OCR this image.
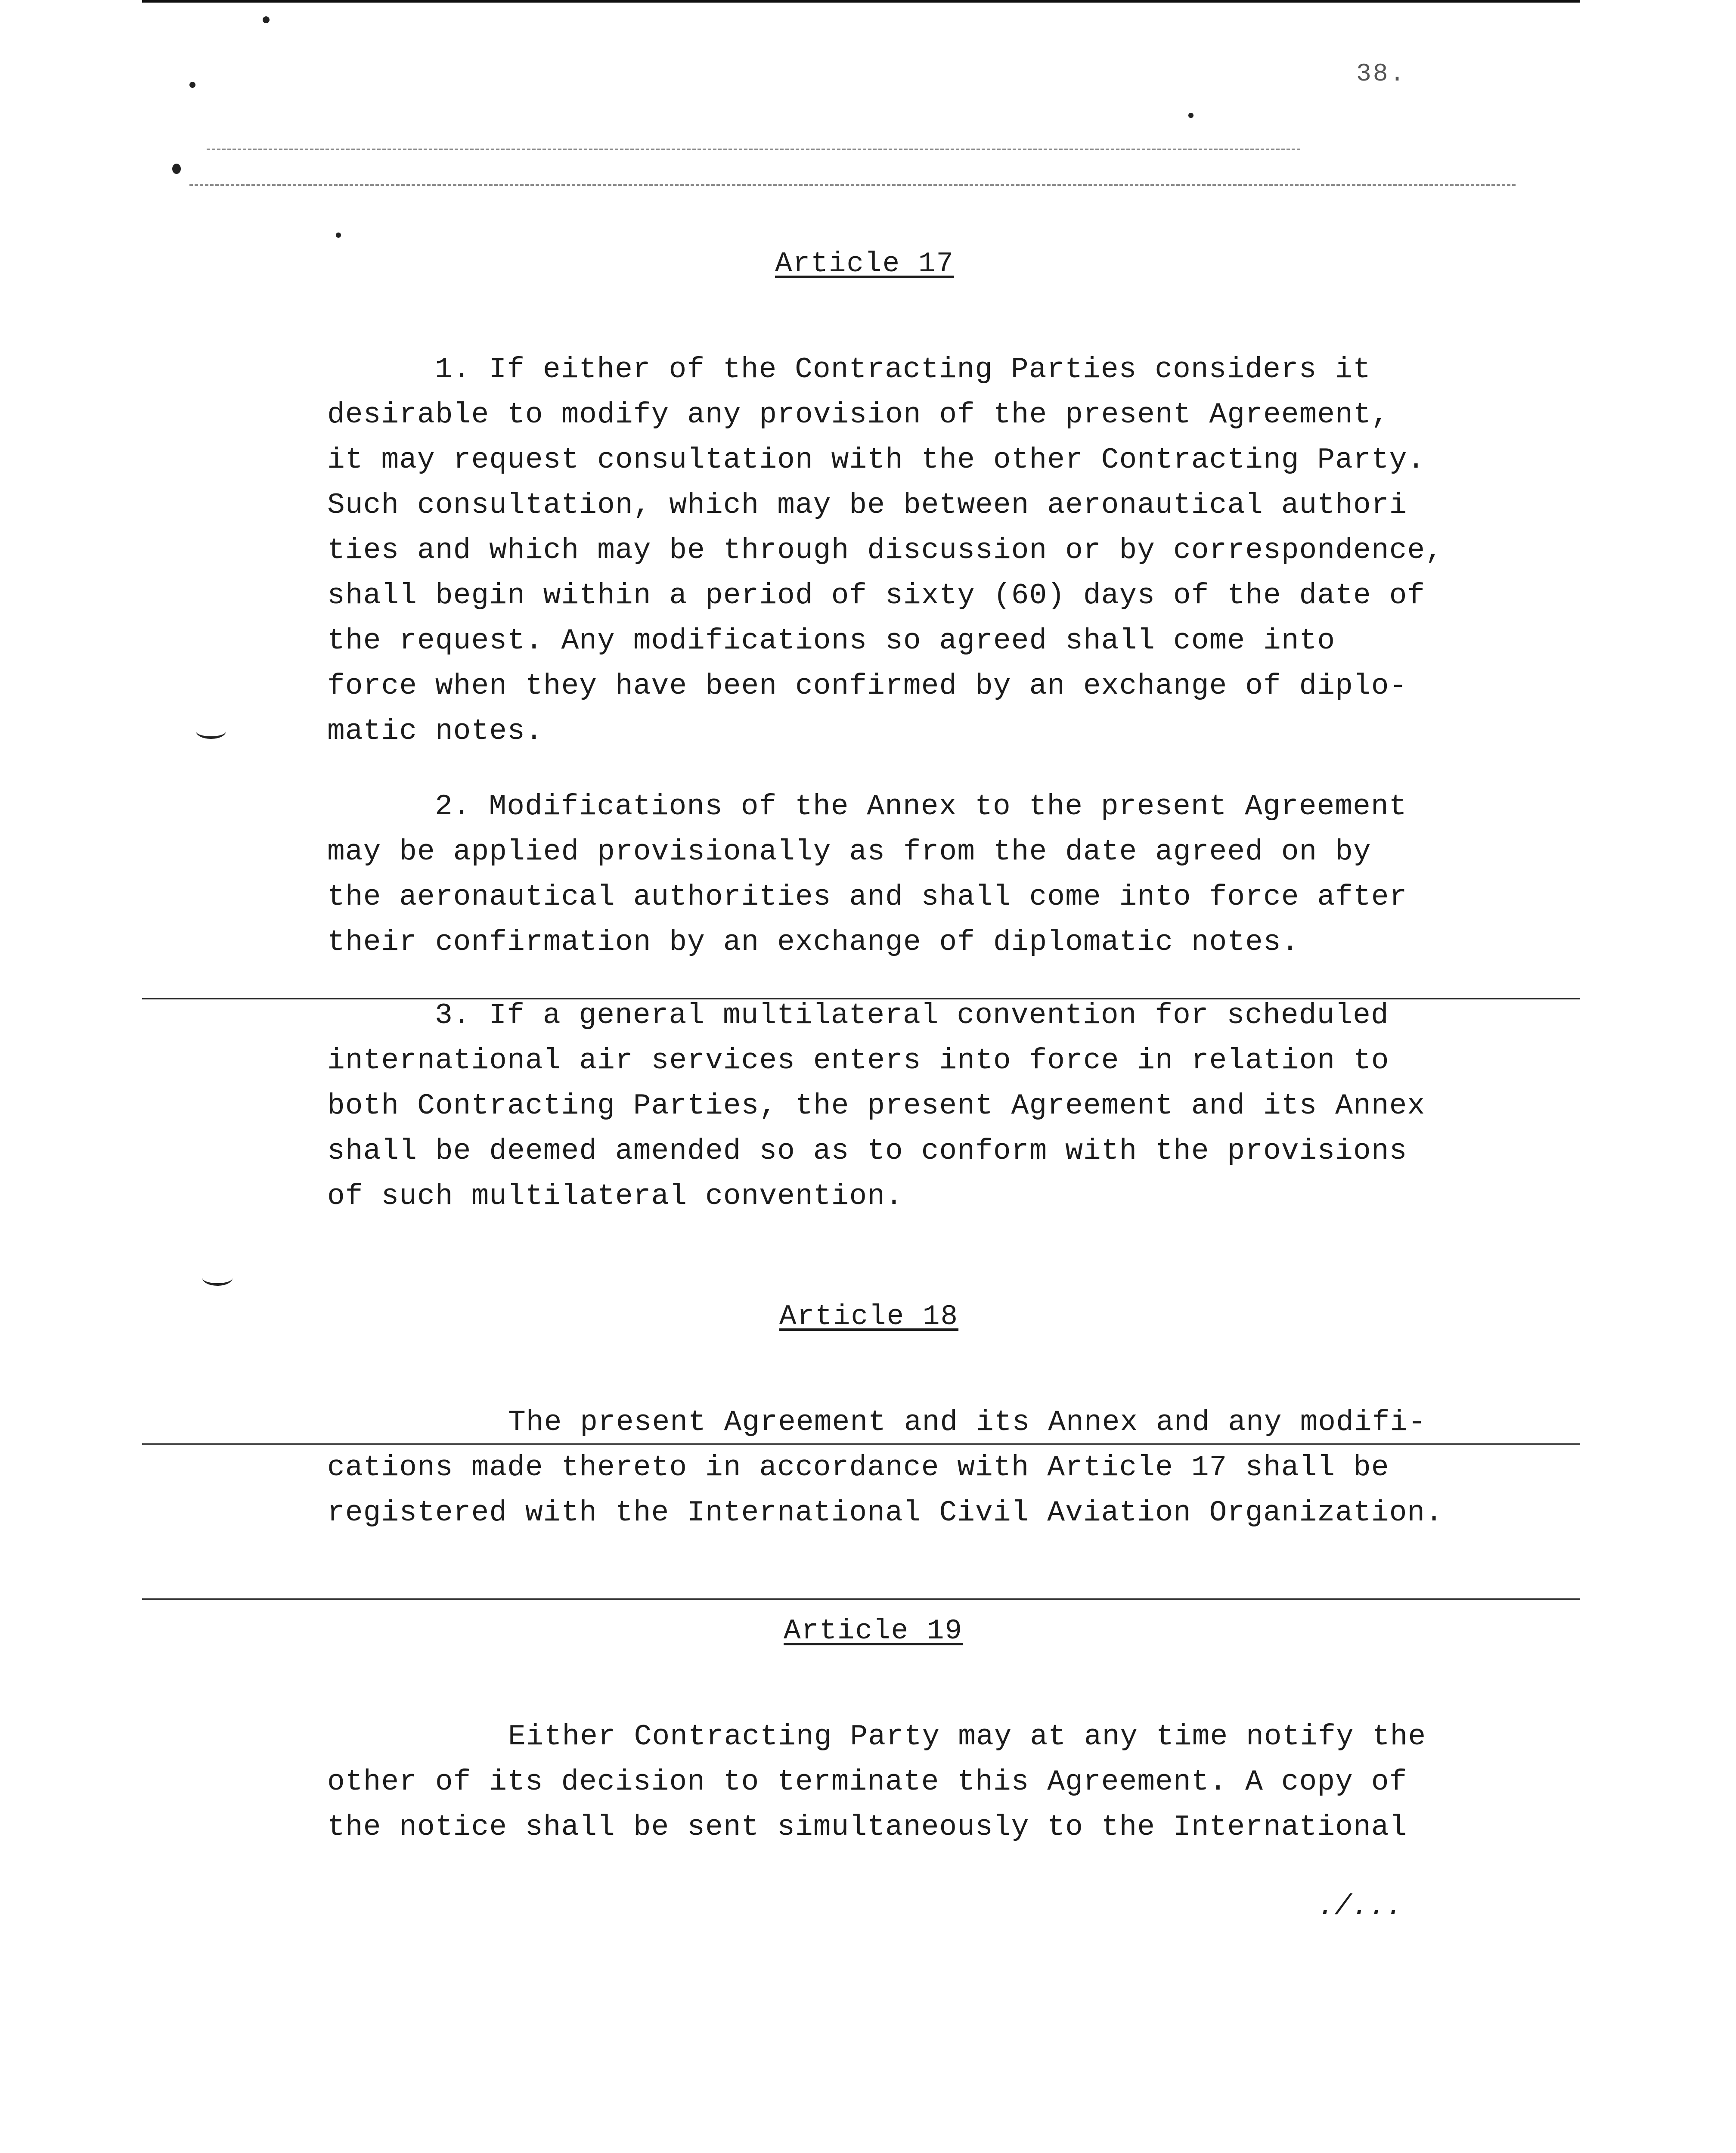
38.
Article 17
1. If either of the Contracting Parties considers it
desirable to modify any provision of the present Agreement,
it may request consultation with the other Contracting Party.
Such consultation, which may be between aeronautical authori
ties and which may be through discussion or by correspondence,
shall begin within a period of sixty (60) days of the date of
the request. Any modifications so agreed shall come into
force when they have been confirmed by an exchange of diplo-
matic notes.
2. Modifications of the Annex to the present Agreement
may be applied provisionally as from the date agreed on by
the aeronautical authorities and shall come into force after
their confirmation by an exchange of diplomatic notes.
3. If a general multilateral convention for scheduled
international air services enters into force in relation to
both Contracting Parties, the present Agreement and its Annex
shall be deemed amended so as to conform with the provisions
of such multilateral convention.
Article 18
The present Agreement and its Annex and any modifi-
cations made thereto in accordance with Article 17 shall be
registered with the International Civil Aviation Organization.
Article 19
Either Contracting Party may at any time notify the
other of its decision to terminate this Agreement. A copy of
the notice shall be sent simultaneously to the International
./...
